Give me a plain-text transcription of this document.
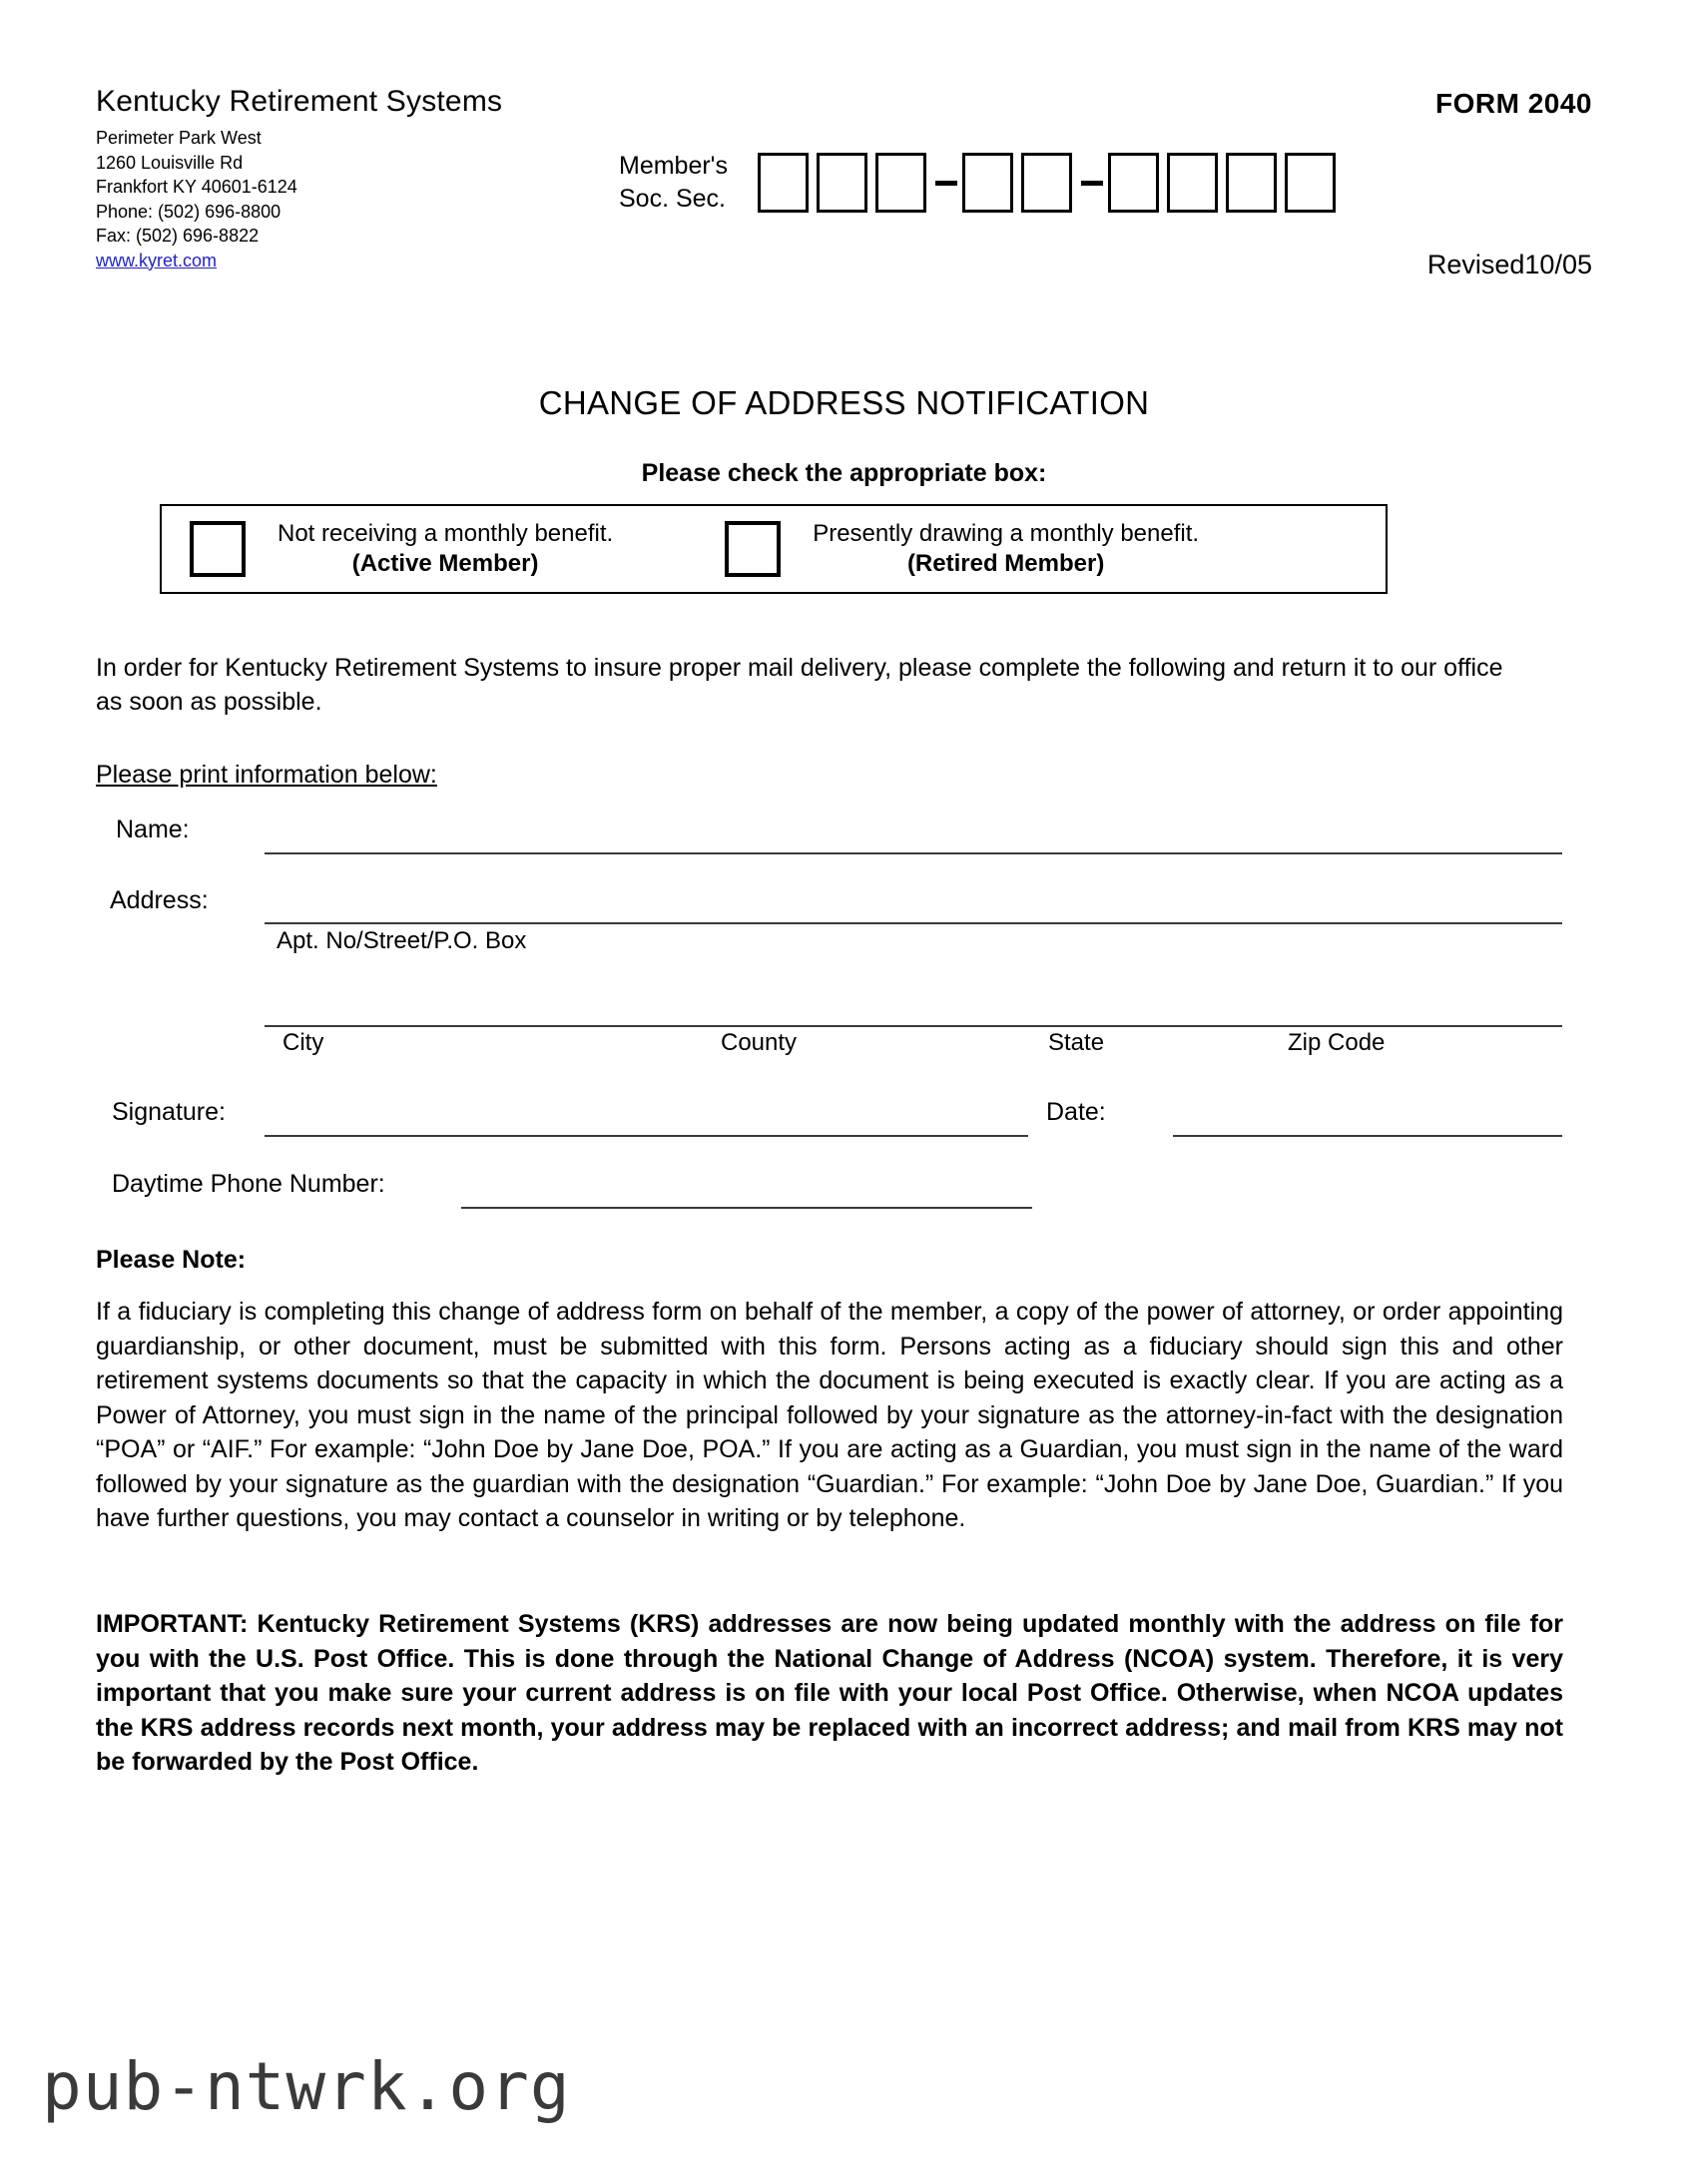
Kentucky Retirement Systems
Perimeter Park West
1260 Louisville Rd
Frankfort KY 40601-6124
Phone: (502) 696-8800
Fax: (502) 696-8822
www.kyret.com
FORM 2040
Revised10/05
Member's
Soc. Sec.
CHANGE OF ADDRESS NOTIFICATION
Please check the appropriate box:
Not receiving a monthly benefit.
(Active Member)
Presently drawing a monthly benefit.
(Retired Member)
In order for Kentucky Retirement Systems to insure proper mail delivery, please complete the following and return it to our office as soon as possible.
Please print information below:
Name:
Address:
Apt. No/Street/P.O. Box
City	County	State	Zip Code
Signature:	Date:
Daytime Phone Number:
Please Note:
If a fiduciary is completing this change of address form on behalf of the member, a copy of the power of attorney, or order appointing guardianship, or other document, must be submitted with this form. Persons acting as a fiduciary should sign this and other retirement systems documents so that the capacity in which the document is being executed is exactly clear. If you are acting as a Power of Attorney, you must sign in the name of the principal followed by your signature as the attorney-in-fact with the designation “POA” or “AIF.” For example: “John Doe by Jane Doe, POA.” If you are acting as a Guardian, you must sign in the name of the ward followed by your signature as the guardian with the designation “Guardian.” For example: “John Doe by Jane Doe, Guardian.” If you have further questions, you may contact a counselor in writing or by telephone.
IMPORTANT: Kentucky Retirement Systems (KRS) addresses are now being updated monthly with the address on file for you with the U.S. Post Office. This is done through the National Change of Address (NCOA) system. Therefore, it is very important that you make sure your current address is on file with your local Post Office. Otherwise, when NCOA updates the KRS address records next month, your address may be replaced with an incorrect address; and mail from KRS may not be forwarded by the Post Office.
pub-ntwrk.org
